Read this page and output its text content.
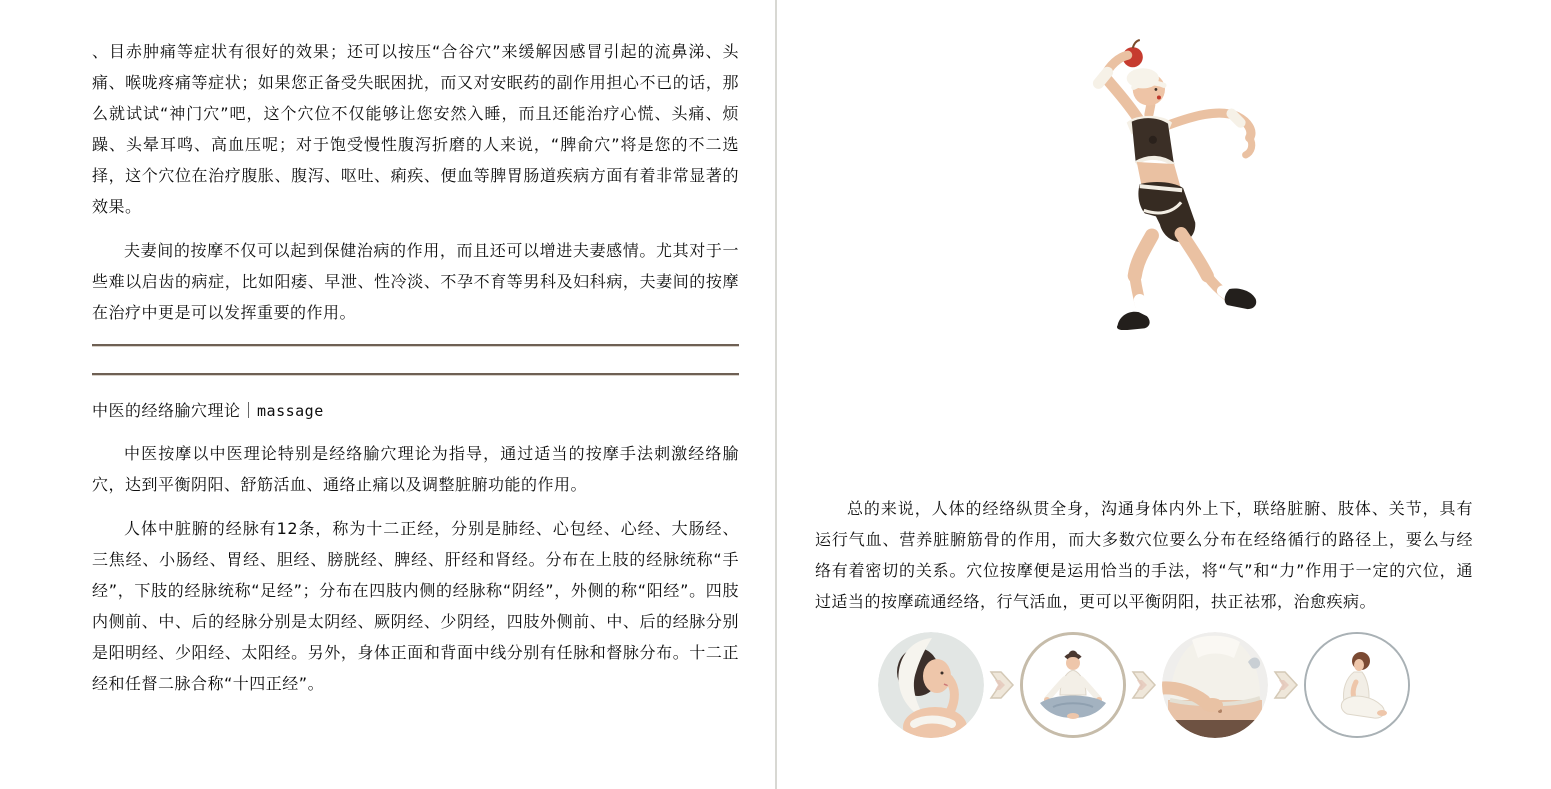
、目赤肿痛等症状有很好的效果；还可以按压“合谷穴”来缓解因感冒引起的流鼻涕、头痛、喉咙疼痛等症状；如果您正备受失眠困扰，而又对安眠药的副作用担心不已的话，那么就试试“神门穴”吧，这个穴位不仅能够让您安然入睡，而且还能治疗心慌、头痛、烦躁、头晕耳鸣、高血压呢；对于饱受慢性腹泻折磨的人来说，“脾俞穴”将是您的不二选择，这个穴位在治疗腹胀、腹泻、呕吐、痢疾、便血等脾胃肠道疾病方面有着非常显著的效果。

夫妻间的按摩不仅可以起到保健治病的作用，而且还可以增进夫妻感情。尤其对于一些难以启齿的病症，比如阳痿、早泄、性冷淡、不孕不育等男科及妇科病，夫妻间的按摩在治疗中更是可以发挥重要的作用。

中医的经络腧穴理论｜massage

中医按摩以中医理论特别是经络腧穴理论为指导，通过适当的按摩手法刺激经络腧穴，达到平衡阴阳、舒筋活血、通络止痛以及调整脏腑功能的作用。

人体中脏腑的经脉有12条，称为十二正经，分别是肺经、心包经、心经、大肠经、三焦经、小肠经、胃经、胆经、膀胱经、脾经、肝经和肾经。分布在上肢的经脉统称“手经”，下肢的经脉统称“足经”；分布在四肢内侧的经脉称“阴经”，外侧的称“阳经”。四肢内侧前、中、后的经脉分别是太阴经、厥阴经、少阴经，四肢外侧前、中、后的经脉分别是阳明经、少阳经、太阳经。另外，身体正面和背面中线分别有任脉和督脉分布。十二正经和任督二脉合称“十四正经”。

总的来说，人体的经络纵贯全身，沟通身体内外上下，联络脏腑、肢体、关节，具有运行气血、营养脏腑筋骨的作用，而大多数穴位要么分布在经络循行的路径上，要么与经络有着密切的关系。穴位按摩便是运用恰当的手法，将“气”和“力”作用于一定的穴位，通过适当的按摩疏通经络，行气活血，更可以平衡阴阳，扶正祛邪，治愈疾病。
